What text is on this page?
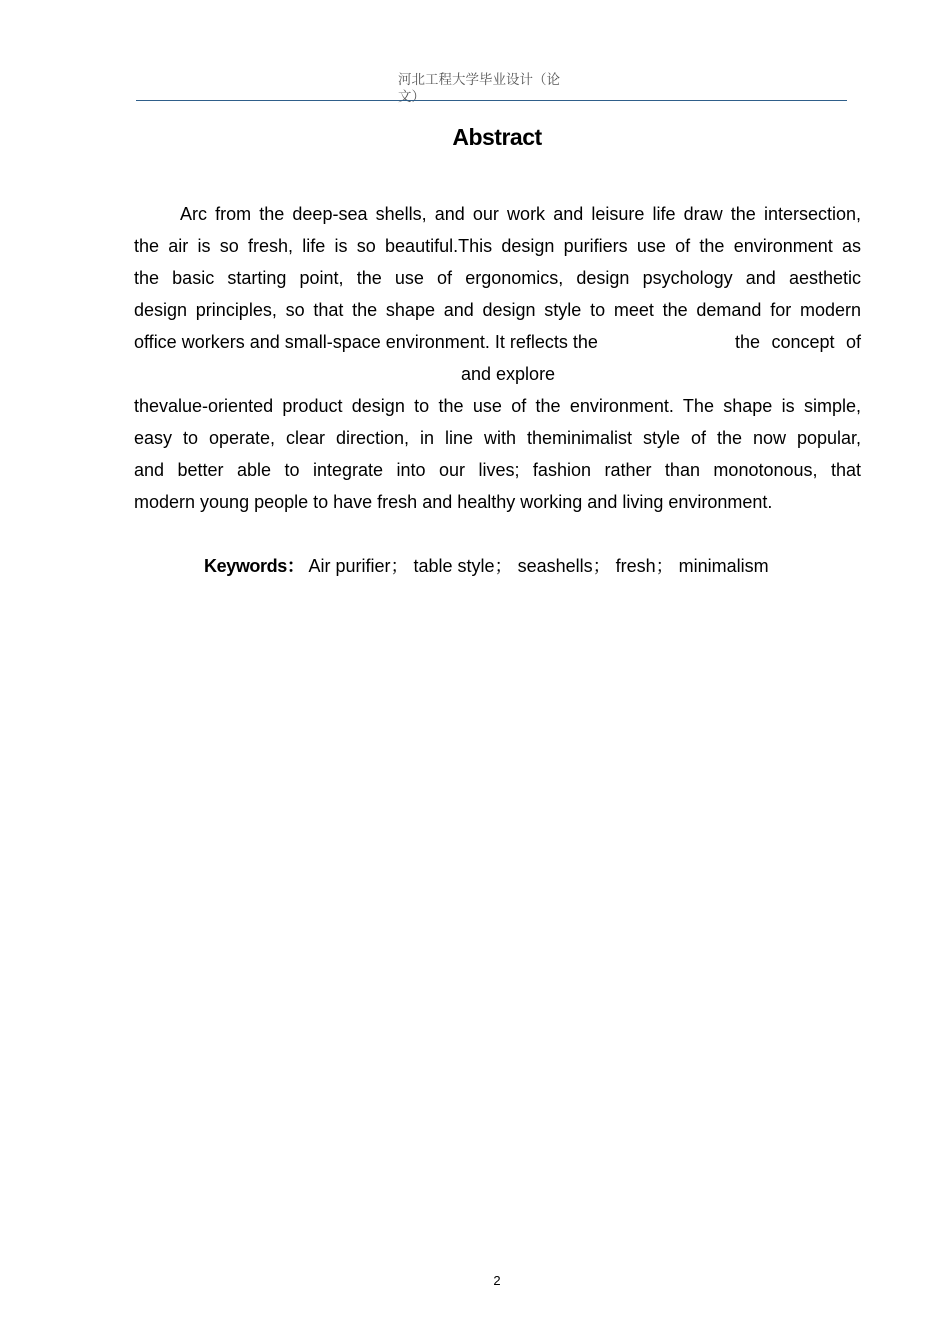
河北工程大学毕业设计（论文）
Abstract
Arc from the deep-sea shells, and our work and leisure life draw the intersection,
the air is so fresh, life is so beautiful.This design purifiers use of the environment as
the basic starting point, the use of ergonomics, design psychology and aesthetic
design principles, so that the shape and design style to meet the demand for modern
office workers and small-space environment. It reflects the	the concept of
and explore
thevalue-oriented product design to the use of the environment. The shape is simple,
easy to operate, clear direction, in line with theminimalist style of the now popular,
and better able to integrate into our lives; fashion rather than monotonous, that
modern young people to have fresh and healthy working and living environment.
Keywords： Air purifier； table style； seashells； fresh； minimalism
2
